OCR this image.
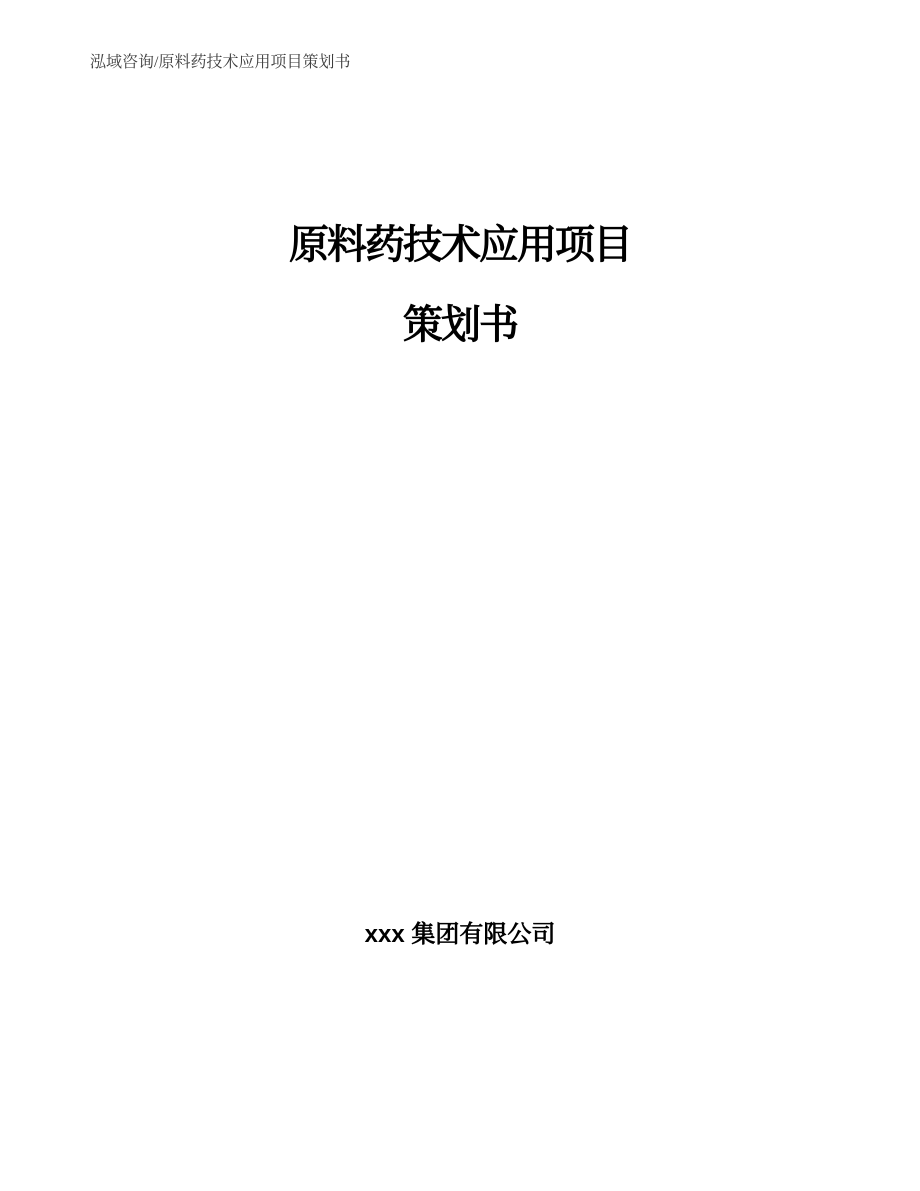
泓域咨询/原料药技术应用项目策划书
原料药技术应用项目
策划书
xxx 集团有限公司
